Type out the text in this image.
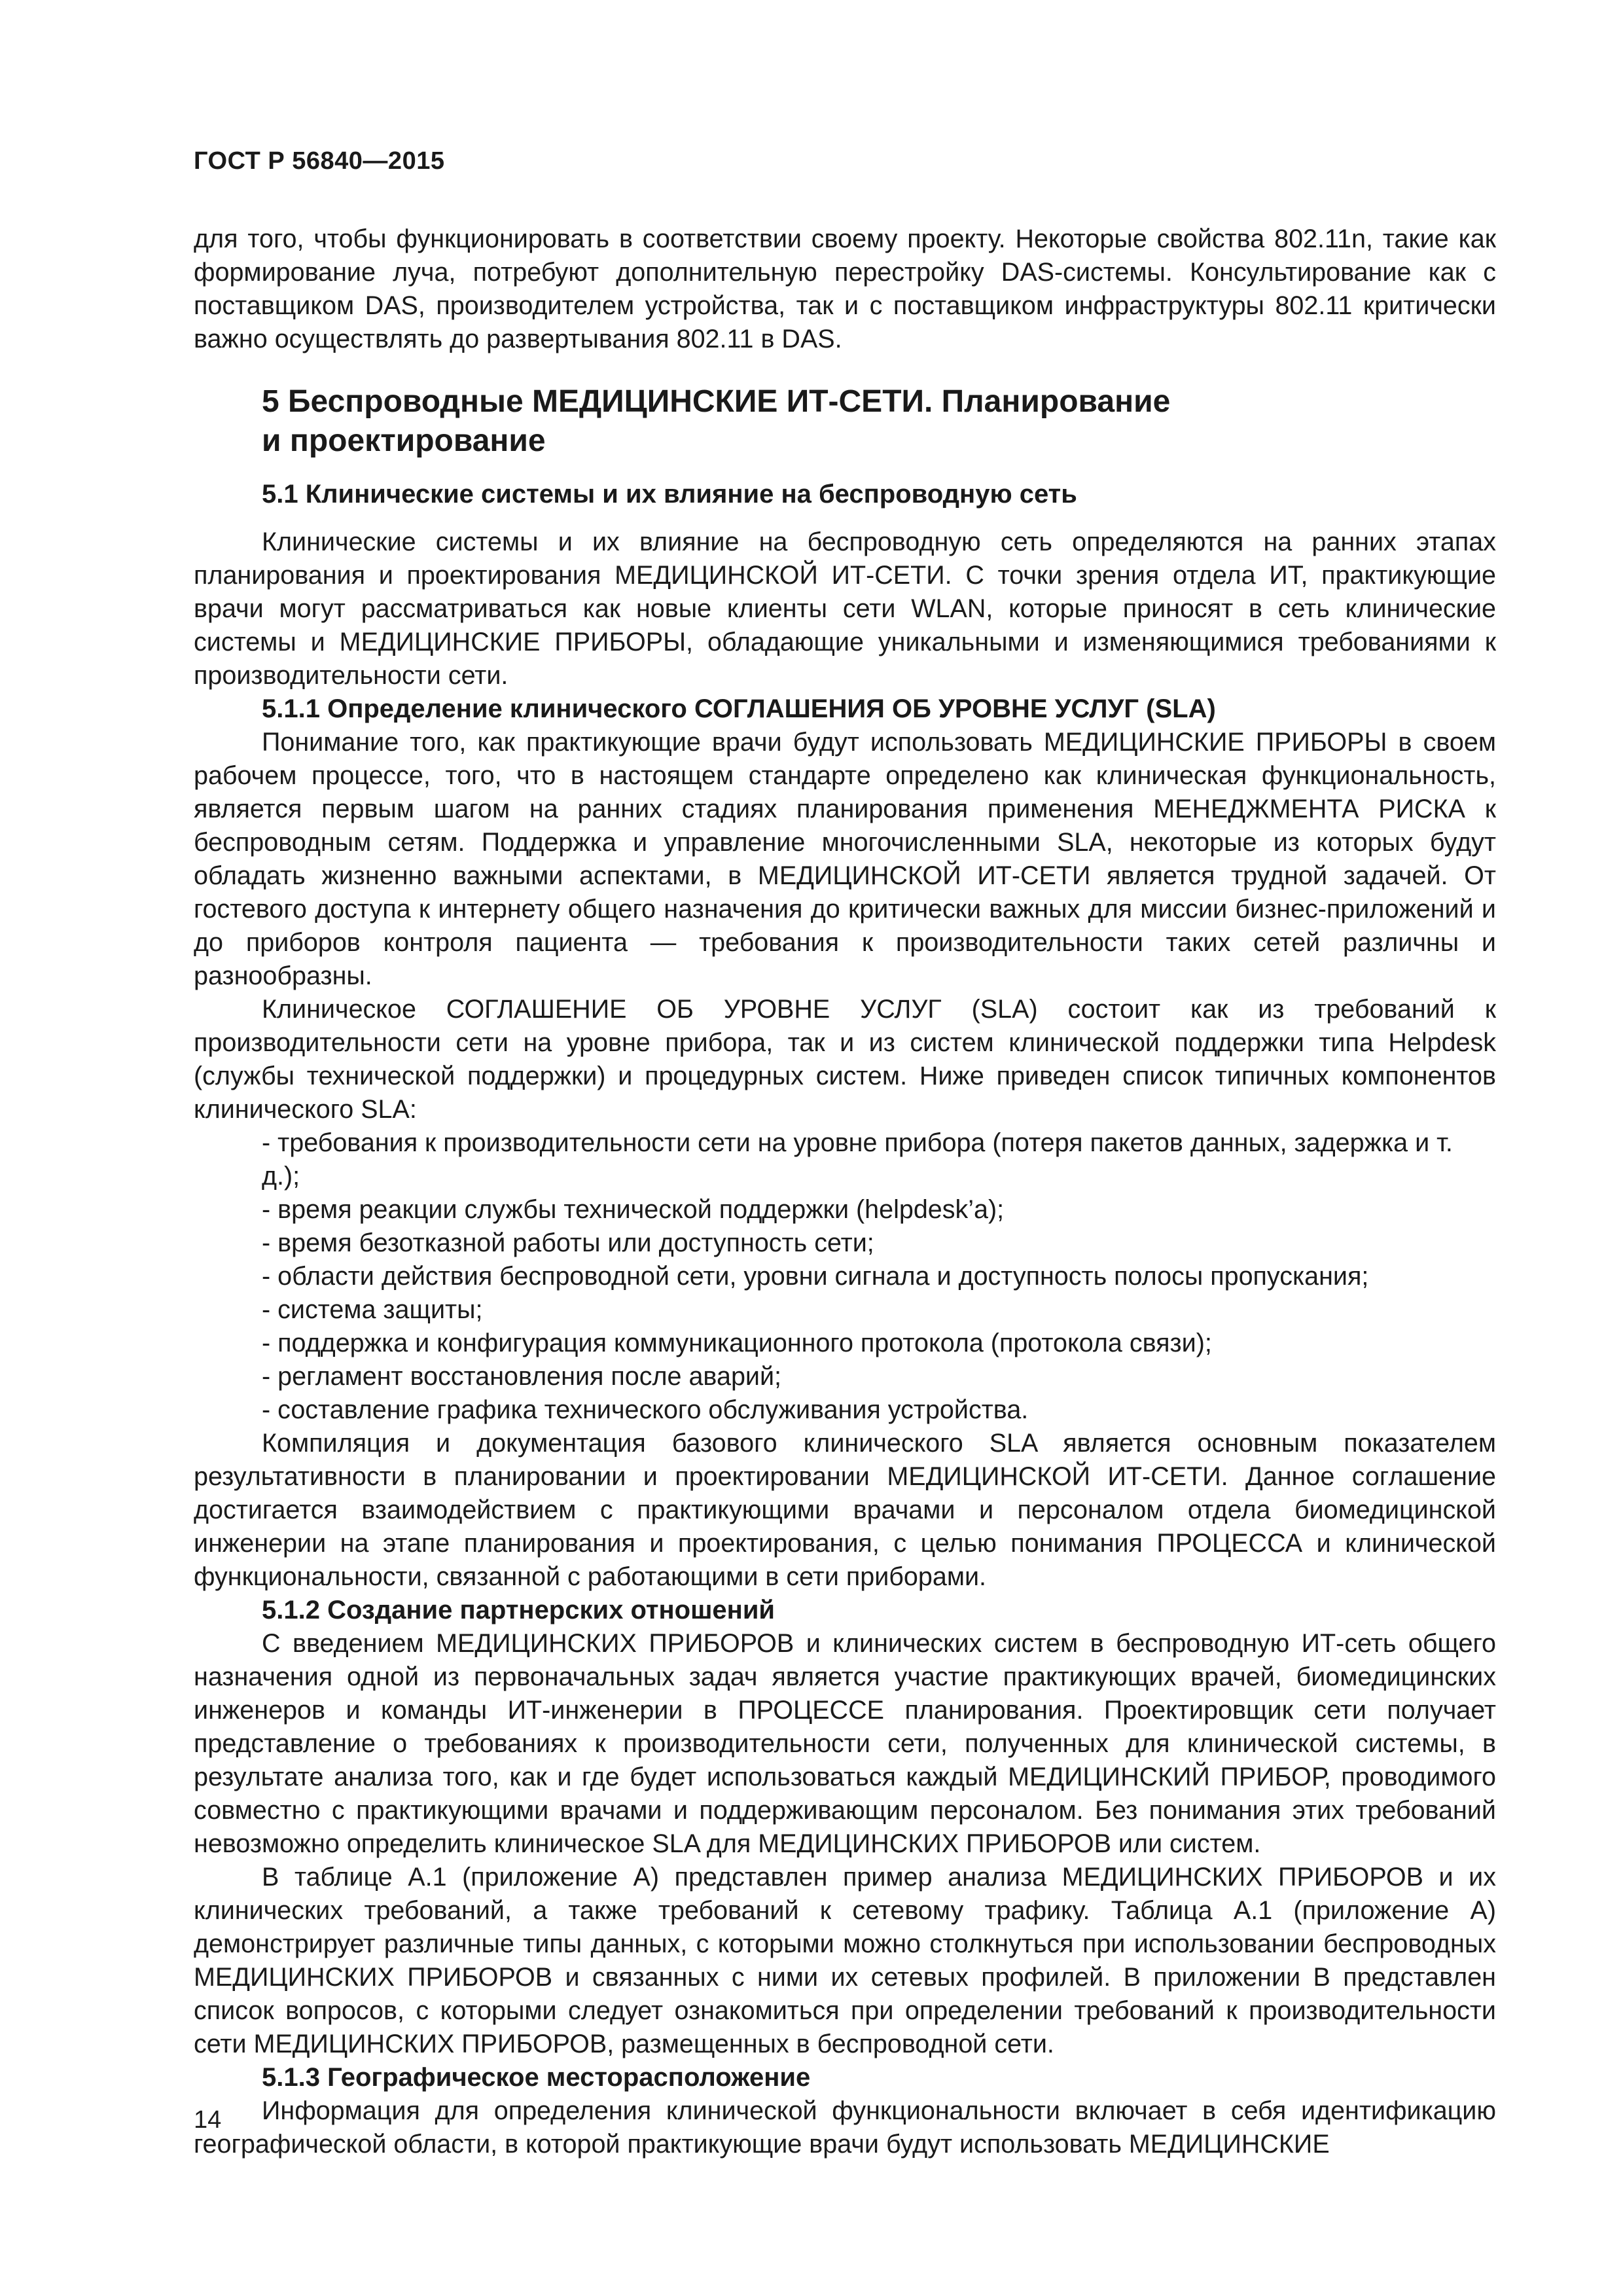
ГОСТ Р 56840—2015

для того, чтобы функционировать в соответствии своему проекту. Некоторые свойства 802.11n, такие как формирование луча, потребуют дополнительную перестройку DAS-системы. Консультирование как с поставщиком DAS, производителем устройства, так и с поставщиком инфраструктуры 802.11 критически важно осуществлять до развертывания 802.11 в DAS.

5 Беспроводные МЕДИЦИНСКИЕ ИТ-СЕТИ. Планирование
и проектирование
5.1 Клинические системы и их влияние на беспроводную сеть

Клинические системы и их влияние на беспроводную сеть определяются на ранних этапах планирования и проектирования МЕДИЦИНСКОЙ ИТ-СЕТИ. С точки зрения отдела ИТ, практикующие врачи могут рассматриваться как новые клиенты сети WLAN, которые приносят в сеть клинические системы и МЕДИЦИНСКИЕ ПРИБОРЫ, обладающие уникальными и изменяющимися требованиями к производительности сети.

5.1.1 Определение клинического СОГЛАШЕНИЯ ОБ УРОВНЕ УСЛУГ (SLA)

Понимание того, как практикующие врачи будут использовать МЕДИЦИНСКИЕ ПРИБОРЫ в своем рабочем процессе, того, что в настоящем стандарте определено как клиническая функциональность, является первым шагом на ранних стадиях планирования применения МЕНЕДЖМЕНТА РИСКА к беспроводным сетям. Поддержка и управление многочисленными SLA, некоторые из которых будут обладать жизненно важными аспектами, в МЕДИЦИНСКОЙ ИТ-СЕТИ является трудной задачей. От гостевого доступа к интернету общего назначения до критически важных для миссии бизнес-приложений и до приборов контроля пациента — требования к производительности таких сетей различны и разнообразны.

Клиническое СОГЛАШЕНИЕ ОБ УРОВНЕ УСЛУГ (SLA) состоит как из требований к производительности сети на уровне прибора, так и из систем клинической поддержки типа Helpdesk (службы технической поддержки) и процедурных систем. Ниже приведен список типичных компонентов клинического SLA:

- требования к производительности сети на уровне прибора (потеря пакетов данных, задержка и т. д.);
- время реакции службы технической поддержки (helpdesk’а);
- время безотказной работы или доступность сети;
- области действия беспроводной сети, уровни сигнала и доступность полосы пропускания;
- система защиты;
- поддержка и конфигурация коммуникационного протокола (протокола связи);
- регламент восстановления после аварий;
- составление графика технического обслуживания устройства.

Компиляция и документация базового клинического SLA является основным показателем результативности в планировании и проектировании МЕДИЦИНСКОЙ ИТ-СЕТИ. Данное соглашение достигается взаимодействием с практикующими врачами и персоналом отдела биомедицинской инженерии на этапе планирования и проектирования, с целью понимания ПРОЦЕССА и клинической функциональности, связанной с работающими в сети приборами.

5.1.2 Создание партнерских отношений

С введением МЕДИЦИНСКИХ ПРИБОРОВ и клинических систем в беспроводную ИТ-сеть общего назначения одной из первоначальных задач является участие практикующих врачей, биомедицинских инженеров и команды ИТ-инженерии в ПРОЦЕССЕ планирования. Проектировщик сети получает представление о требованиях к производительности сети, полученных для клинической системы, в результате анализа того, как и где будет использоваться каждый МЕДИЦИНСКИЙ ПРИБОР, проводимого совместно с практикующими врачами и поддерживающим персоналом. Без понимания этих требований невозможно определить клиническое SLA для МЕДИЦИНСКИХ ПРИБОРОВ или систем.

В таблице А.1 (приложение А) представлен пример анализа МЕДИЦИНСКИХ ПРИБОРОВ и их клинических требований, а также требований к сетевому трафику. Таблица А.1 (приложение А) демонстрирует различные типы данных, с которыми можно столкнуться при использовании беспроводных МЕДИЦИНСКИХ ПРИБОРОВ и связанных с ними их сетевых профилей. В приложении В представлен список вопросов, с которыми следует ознакомиться при определении требований к производительности сети МЕДИЦИНСКИХ ПРИБОРОВ, размещенных в беспроводной сети.

5.1.3 Географическое месторасположение

Информация для определения клинической функциональности включает в себя идентификацию географической области, в которой практикующие врачи будут использовать МЕДИЦИНСКИЕ

14
